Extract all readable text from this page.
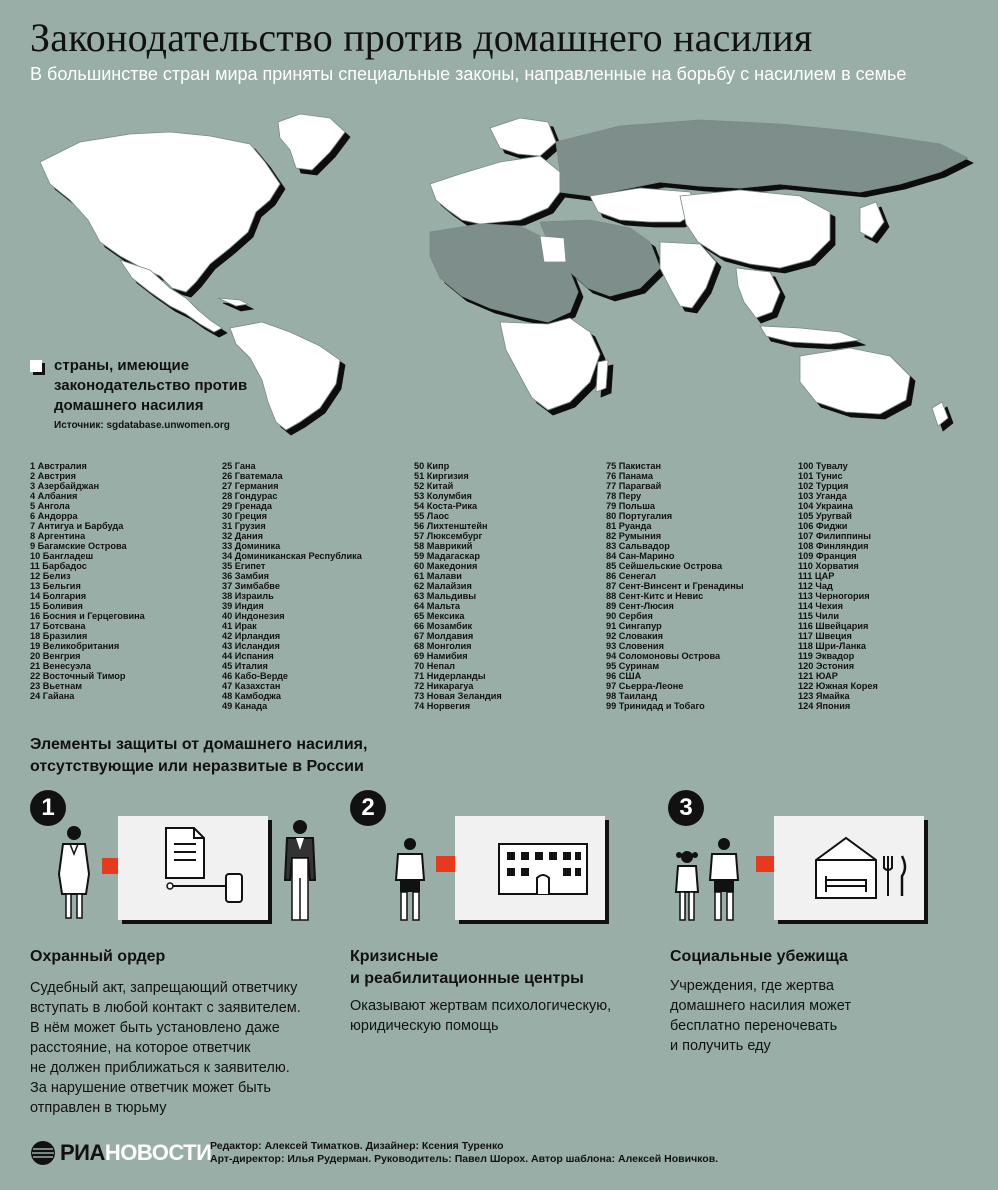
Законодательство против домашнего насилия
В большинстве стран мира приняты специальные законы, направленные на борьбу с насилием в семье
страны, имеющие законодательство против домашнего насилия
Источник: sgdatabase.unwomen.org
1 Австралия
2 Австрия
3 Азербайджан
4 Албания
5 Ангола
6 Андорра
7 Антигуа и Барбуда
8 Аргентина
9 Багамские Острова
10 Бангладеш
11 Барбадос
12 Белиз
13 Бельгия
14 Болгария
15 Боливия
16 Босния и Герцеговина
17 Ботсвана
18 Бразилия
19 Великобритания
20 Венгрия
21 Венесуэла
22 Восточный Тимор
23 Вьетнам
24 Гайана
25 Гана
26 Гватемала
27 Германия
28 Гондурас
29 Гренада
30 Греция
31 Грузия
32 Дания
33 Доминика
34 Доминиканская Республика
35 Египет
36 Замбия
37 Зимбабве
38 Израиль
39 Индия
40 Индонезия
41 Ирак
42 Ирландия
43 Исландия
44 Испания
45 Италия
46 Кабо-Верде
47 Казахстан
48 Камбоджа
49 Канада
50 Кипр
51 Киргизия
52 Китай
53 Колумбия
54 Коста-Рика
55 Лаос
56 Лихтенштейн
57 Люксембург
58 Маврикий
59 Мадагаскар
60 Македония
61 Малави
62 Малайзия
63 Мальдивы
64 Мальта
65 Мексика
66 Мозамбик
67 Молдавия
68 Монголия
69 Намибия
70 Непал
71 Нидерланды
72 Никарагуа
73 Новая Зеландия
74 Норвегия
75 Пакистан
76 Панама
77 Парагвай
78 Перу
79 Польша
80 Португалия
81 Руанда
82 Румыния
83 Сальвадор
84 Сан-Марино
85 Сейшельские Острова
86 Сенегал
87 Сент-Винсент и Гренадины
88 Сент-Китс и Невис
89 Сент-Люсия
90 Сербия
91 Сингапур
92 Словакия
93 Словения
94 Соломоновы Острова
95 Суринам
96 США
97 Сьерра-Леоне
98 Таиланд
99 Тринидад и Тобаго
100 Тувалу
101 Тунис
102 Турция
103 Уганда
104 Украина
105 Уругвай
106 Фиджи
107 Филиппины
108 Финляндия
109 Франция
110 Хорватия
111 ЦАР
112 Чад
113 Черногория
114 Чехия
115 Чили
116 Швейцария
117 Швеция
118 Шри-Ланка
119 Эквадор
120 Эстония
121 ЮАР
122 Южная Корея
123 Ямайка
124 Япония
Элементы защиты от домашнего насилия, отсутствующие или неразвитые в России
1
Охранный ордер
Судебный акт, запрещающий ответчику
вступать в любой контакт с заявителем.
В нём может быть установлено даже
расстояние, на которое ответчик
не должен приближаться к заявителю.
За нарушение ответчик может быть
отправлен в тюрьму
2
Кризисные
и реабилитационные центры
Оказывают жертвам психологическую,
юридическую помощь
3
Социальные убежища
Учреждения, где жертва
домашнего насилия может
бесплатно переночевать
и получить еду
РИАНОВОСТИ
Редактор: Алексей Тиматков. Дизайнер: Ксения Туренко
Арт-директор: Илья Рудерман. Руководитель: Павел Шорох. Автор шаблона: Алексей Новичков.
